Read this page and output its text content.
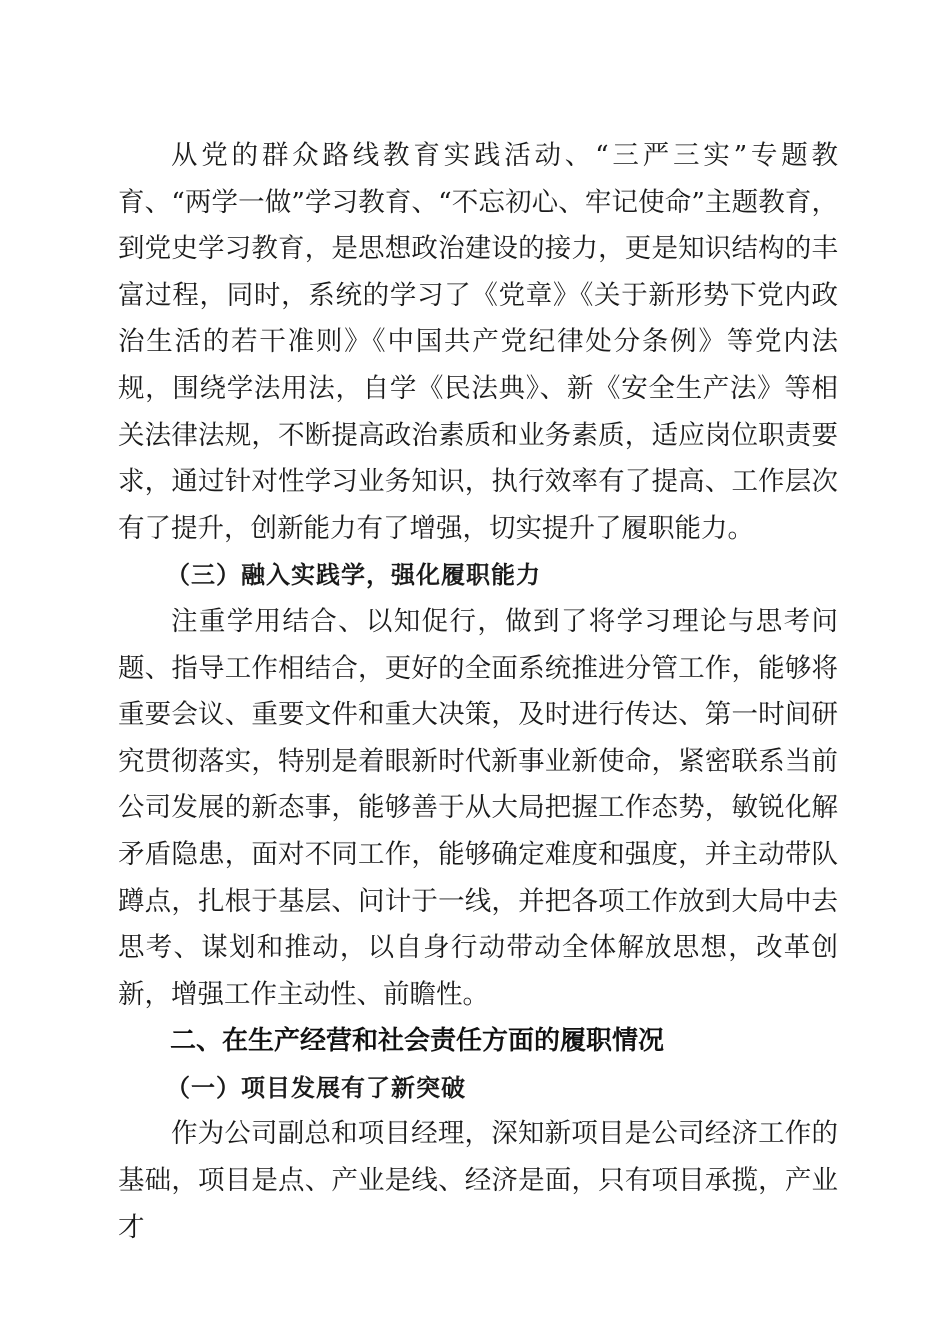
从党的群众路线教育实践活动、“三严三实”专题教育、“两学一做”学习教育、“不忘初心、牢记使命”主题教育，到党史学习教育，是思想政治建设的接力，更是知识结构的丰富过程，同时，系统的学习了《党章》《关于新形势下党内政治生活的若干准则》《中国共产党纪律处分条例》等党内法规，围绕学法用法，自学《民法典》、新《安全生产法》等相关法律法规，不断提高政治素质和业务素质，适应岗位职责要求，通过针对性学习业务知识，执行效率有了提高、工作层次有了提升，创新能力有了增强，切实提升了履职能力。

（三）融入实践学，强化履职能力

注重学用结合、以知促行，做到了将学习理论与思考问题、指导工作相结合，更好的全面系统推进分管工作，能够将重要会议、重要文件和重大决策，及时进行传达、第一时间研究贯彻落实，特别是着眼新时代新事业新使命，紧密联系当前公司发展的新态事，能够善于从大局把握工作态势，敏锐化解矛盾隐患，面对不同工作，能够确定难度和强度，并主动带队蹲点，扎根于基层、问计于一线，并把各项工作放到大局中去思考、谋划和推动，以自身行动带动全体解放思想，改革创新，增强工作主动性、前瞻性。

二、在生产经营和社会责任方面的履职情况

（一）项目发展有了新突破

作为公司副总和项目经理，深知新项目是公司经济工作的基础，项目是点、产业是线、经济是面，只有项目承揽，产业才
